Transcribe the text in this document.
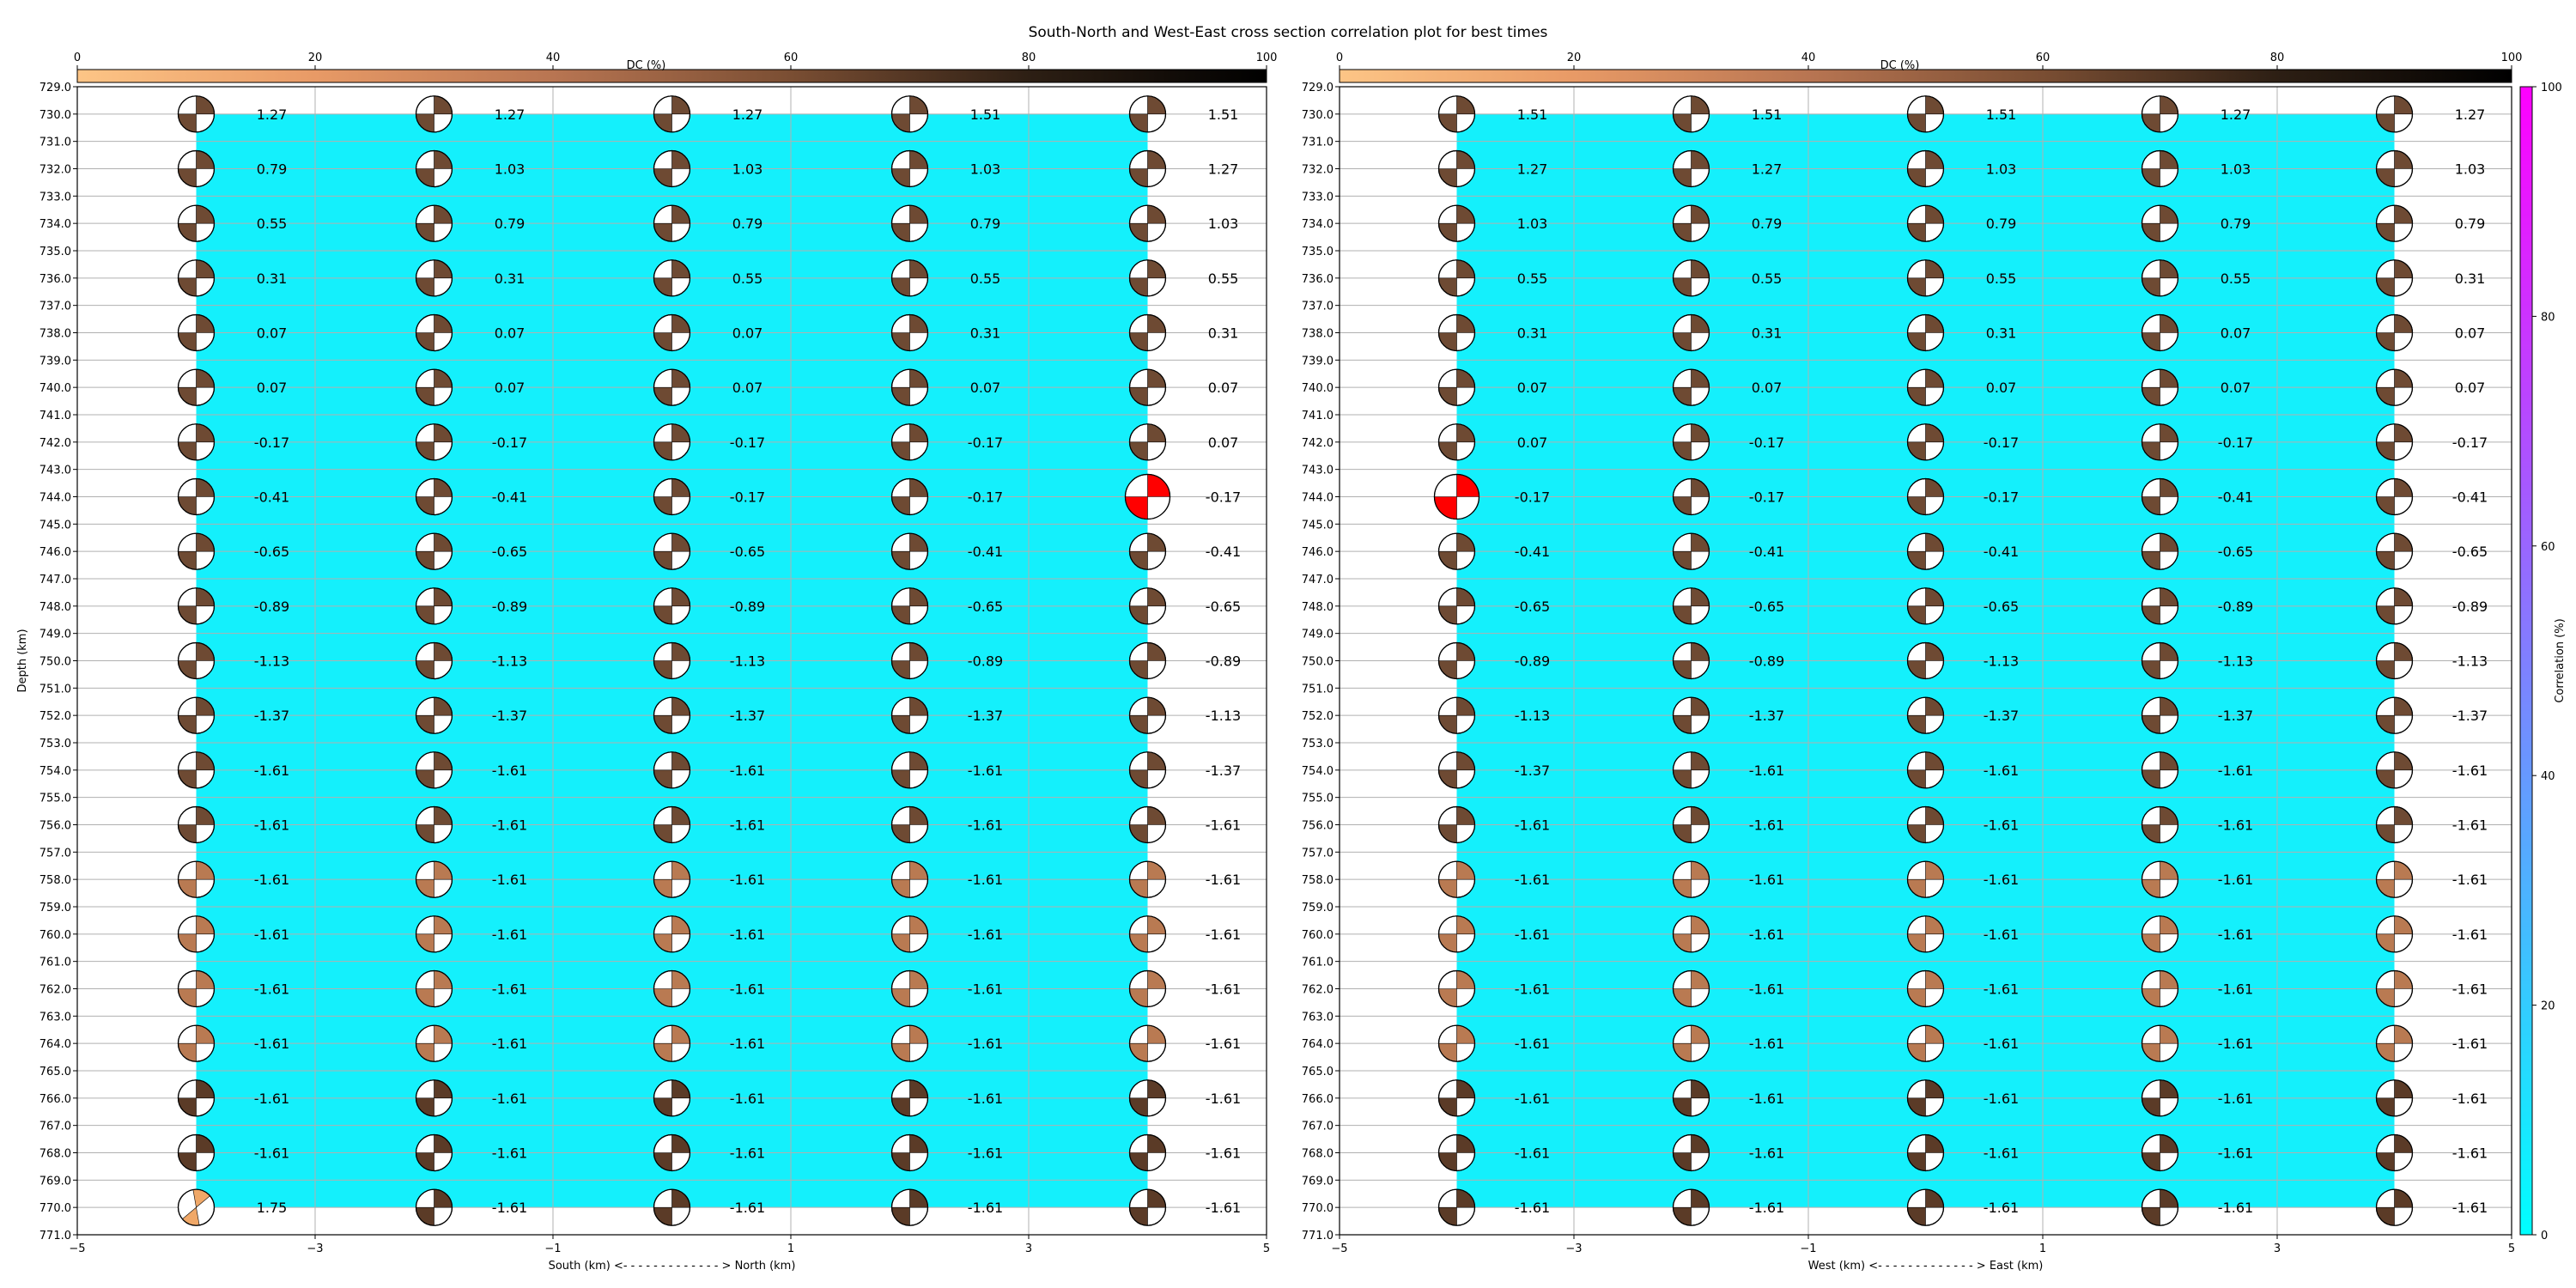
South-North and West-East cross section correlation plot for best times
729.0
730.0
731.0
732.0
733.0
734.0
735.0
736.0
737.0
738.0
739.0
740.0
741.0
742.0
743.0
744.0
745.0
746.0
747.0
748.0
749.0
750.0
751.0
752.0
753.0
754.0
755.0
756.0
757.0
758.0
759.0
760.0
761.0
762.0
763.0
764.0
765.0
766.0
767.0
768.0
769.0
770.0
771.0
−5	−3	−1	1	3	5
South (km) <- - - - - - - - - - - - - > North (km)
Depth (km)
0	20	40	60	80	100
DC (%)
1.27	1.27	1.27	1.51	1.51
0.79	1.03	1.03	1.03	1.27
0.55	0.79	0.79	0.79	1.03
0.31	0.31	0.55	0.55	0.55
0.07	0.07	0.07	0.31	0.31
0.07	0.07	0.07	0.07	0.07
-0.17	-0.17	-0.17	-0.17	0.07
-0.41	-0.41	-0.17	-0.17	-0.17
-0.65	-0.65	-0.65	-0.41	-0.41
-0.89	-0.89	-0.89	-0.65	-0.65
-1.13	-1.13	-1.13	-0.89	-0.89
-1.37	-1.37	-1.37	-1.37	-1.13
-1.61	-1.61	-1.61	-1.61	-1.37
-1.61	-1.61	-1.61	-1.61	-1.61
-1.61	-1.61	-1.61	-1.61	-1.61
-1.61	-1.61	-1.61	-1.61	-1.61
-1.61	-1.61	-1.61	-1.61	-1.61
-1.61	-1.61	-1.61	-1.61	-1.61
-1.61	-1.61	-1.61	-1.61	-1.61
-1.61	-1.61	-1.61	-1.61	-1.61
1.75	-1.61	-1.61	-1.61	-1.61
729.0
730.0
731.0
732.0
733.0
734.0
735.0
736.0
737.0
738.0
739.0
740.0
741.0
742.0
743.0
744.0
745.0
746.0
747.0
748.0
749.0
750.0
751.0
752.0
753.0
754.0
755.0
756.0
757.0
758.0
759.0
760.0
761.0
762.0
763.0
764.0
765.0
766.0
767.0
768.0
769.0
770.0
771.0
−5	−3	−1	1	3	5
West (km) <- - - - - - - - - - - - - > East (km)
0	20	40	60	80	100
DC (%)
1.51	1.51	1.51	1.27	1.27
1.27	1.27	1.03	1.03	1.03
1.03	0.79	0.79	0.79	0.79
0.55	0.55	0.55	0.55	0.31
0.31	0.31	0.31	0.07	0.07
0.07	0.07	0.07	0.07	0.07
0.07	-0.17	-0.17	-0.17	-0.17
-0.17	-0.17	-0.17	-0.41	-0.41
-0.41	-0.41	-0.41	-0.65	-0.65
-0.65	-0.65	-0.65	-0.89	-0.89
-0.89	-0.89	-1.13	-1.13	-1.13
-1.13	-1.37	-1.37	-1.37	-1.37
-1.37	-1.61	-1.61	-1.61	-1.61
-1.61	-1.61	-1.61	-1.61	-1.61
-1.61	-1.61	-1.61	-1.61	-1.61
-1.61	-1.61	-1.61	-1.61	-1.61
-1.61	-1.61	-1.61	-1.61	-1.61
-1.61	-1.61	-1.61	-1.61	-1.61
-1.61	-1.61	-1.61	-1.61	-1.61
-1.61	-1.61	-1.61	-1.61	-1.61
-1.61	-1.61	-1.61	-1.61	-1.61
0
20
40
60
80
100
Correlation (%)
